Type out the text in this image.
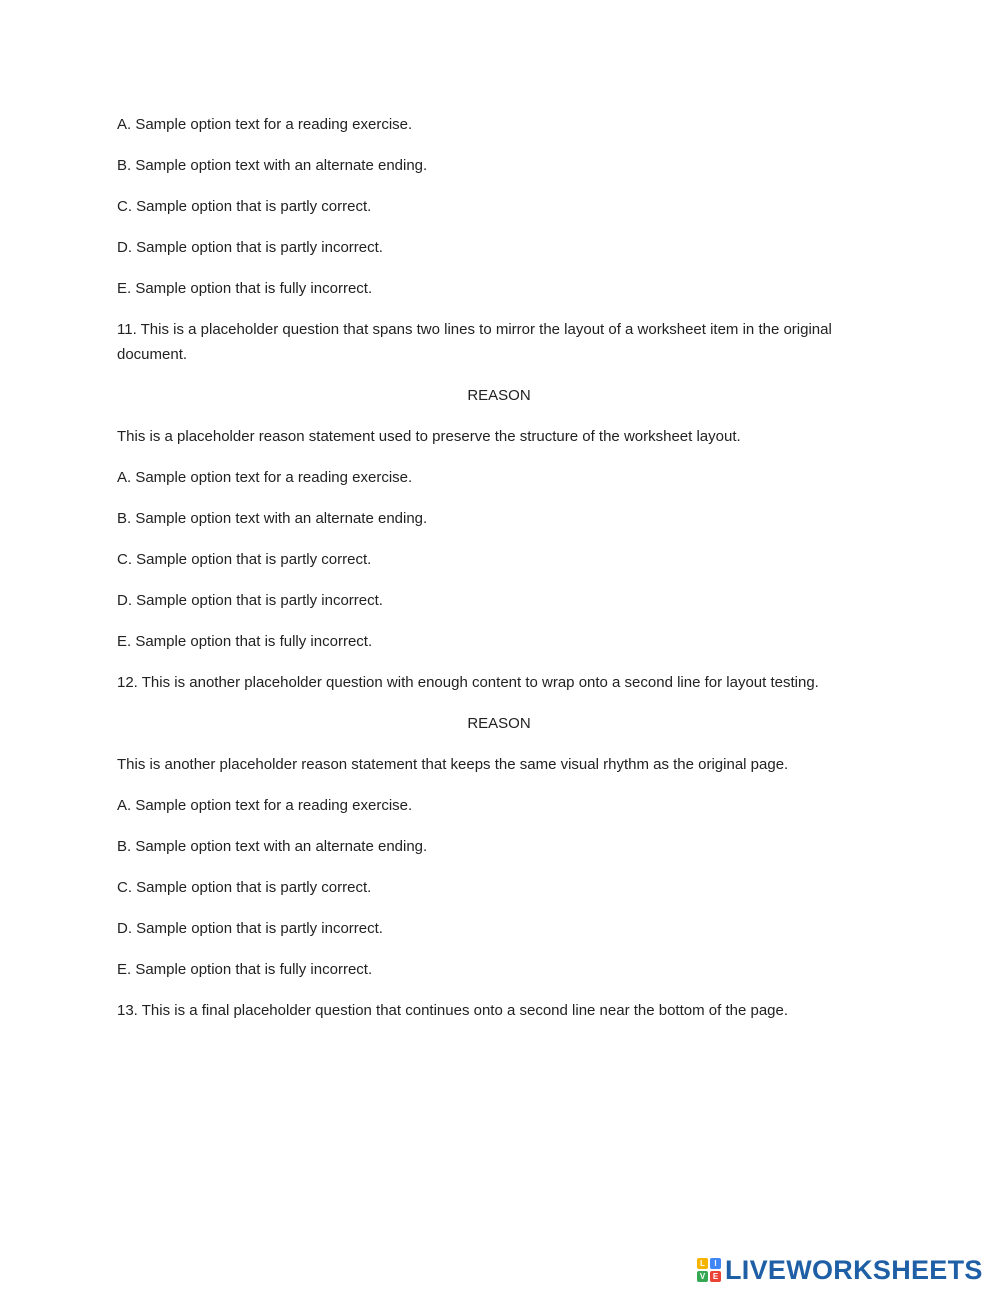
A. Sample option text for a reading exercise.

B. Sample option text with an alternate ending.

C. Sample option that is partly correct.

D. Sample option that is partly incorrect.

E. Sample option that is fully incorrect.

11. This is a placeholder question that spans two lines to mirror the layout of a worksheet item in the original document.

REASON

This is a placeholder reason statement used to preserve the structure of the worksheet layout.

A. Sample option text for a reading exercise.

B. Sample option text with an alternate ending.

C. Sample option that is partly correct.

D. Sample option that is partly incorrect.

E. Sample option that is fully incorrect.

12. This is another placeholder question with enough content to wrap onto a second line for layout testing.

REASON

This is another placeholder reason statement that keeps the same visual rhythm as the original page.

A. Sample option text for a reading exercise.

B. Sample option text with an alternate ending.

C. Sample option that is partly correct.

D. Sample option that is partly incorrect.

E. Sample option that is fully incorrect.

13. This is a final placeholder question that continues onto a second line near the bottom of the page.

L	I
V E LIVEWORKSHEETS
